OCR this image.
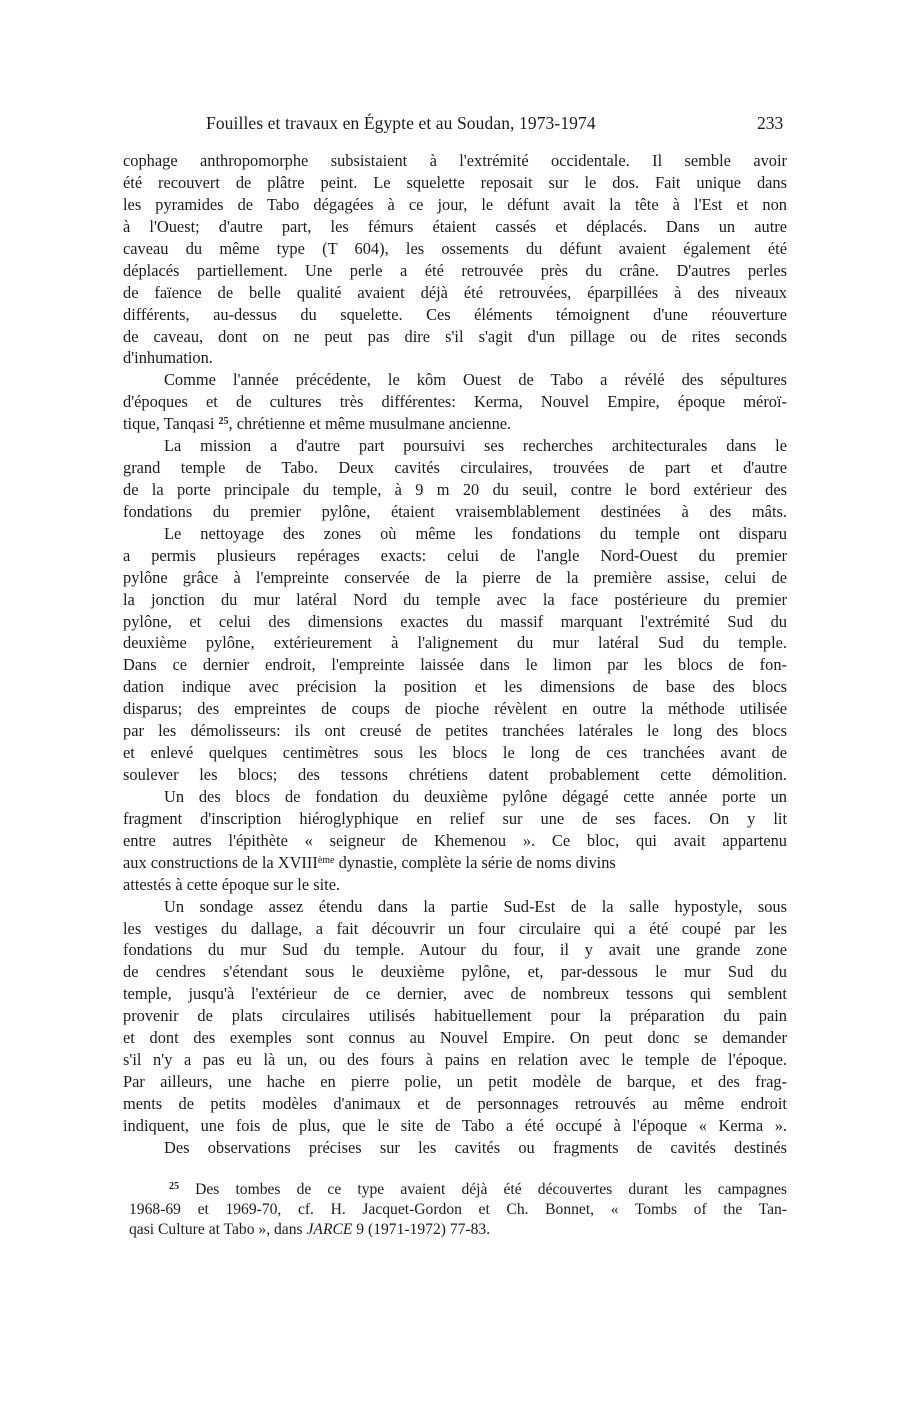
Fouilles et travaux en Égypte et au Soudan, 1973-1974	233
cophage anthropomorphe subsistaient à l'extrémité occidentale. Il semble avoir
été recouvert de plâtre peint. Le squelette reposait sur le dos. Fait unique dans
les pyramides de Tabo dégagées à ce jour, le défunt avait la tête à l'Est et non
à l'Ouest; d'autre part, les fémurs étaient cassés et déplacés. Dans un autre
caveau du même type (T 604), les ossements du défunt avaient également été
déplacés partiellement. Une perle a été retrouvée près du crâne. D'autres perles
de faïence de belle qualité avaient déjà été retrouvées, éparpillées à des niveaux
différents, au-dessus du squelette. Ces éléments témoignent d'une réouverture
de caveau, dont on ne peut pas dire s'il s'agit d'un pillage ou de rites seconds
d'inhumation.
Comme l'année précédente, le kôm Ouest de Tabo a révélé des sépultures
d'époques et de cultures très différentes: Kerma, Nouvel Empire, époque méroï-
tique, Tanqasi $^{25}$, chrétienne et même musulmane ancienne.
La mission a d'autre part poursuivi ses recherches architecturales dans le
grand temple de Tabo. Deux cavités circulaires, trouvées de part et d'autre
de la porte principale du temple, à 9 m 20 du seuil, contre le bord extérieur des
fondations du premier pylône, étaient vraisemblablement destinées à des mâts.
Le nettoyage des zones où même les fondations du temple ont disparu
a permis plusieurs repérages exacts: celui de l'angle Nord-Ouest du premier
pylône grâce à l'empreinte conservée de la pierre de la première assise, celui de
la jonction du mur latéral Nord du temple avec la face postérieure du premier
pylône, et celui des dimensions exactes du massif marquant l'extrémité Sud du
deuxième pylône, extérieurement à l'alignement du mur latéral Sud du temple.
Dans ce dernier endroit, l'empreinte laissée dans le limon par les blocs de fon-
dation indique avec précision la position et les dimensions de base des blocs
disparus; des empreintes de coups de pioche révèlent en outre la méthode utilisée
par les démolisseurs: ils ont creusé de petites tranchées latérales le long des blocs
et enlevé quelques centimètres sous les blocs le long de ces tranchées avant de
soulever les blocs; des tessons chrétiens datent probablement cette démolition.
Un des blocs de fondation du deuxième pylône dégagé cette année porte un
fragment d'inscription hiéroglyphique en relief sur une de ses faces. On y lit
entre autres l'épithète « seigneur de Khemenou ». Ce bloc, qui avait appartenu
aux constructions de la XVIIIème dynastie, complète la série de noms divins
attestés à cette époque sur le site.
Un sondage assez étendu dans la partie Sud-Est de la salle hypostyle, sous
les vestiges du dallage, a fait découvrir un four circulaire qui a été coupé par les
fondations du mur Sud du temple. Autour du four, il y avait une grande zone
de cendres s'étendant sous le deuxième pylône, et, par-dessous le mur Sud du
temple, jusqu'à l'extérieur de ce dernier, avec de nombreux tessons qui semblent
provenir de plats circulaires utilisés habituellement pour la préparation du pain
et dont des exemples sont connus au Nouvel Empire. On peut donc se demander
s'il n'y a pas eu là un, ou des fours à pains en relation avec le temple de l'époque.
Par ailleurs, une hache en pierre polie, un petit modèle de barque, et des frag-
ments de petits modèles d'animaux et de personnages retrouvés au même endroit
indiquent, une fois de plus, que le site de Tabo a été occupé à l'époque « Kerma ».
Des observations précises sur les cavités ou fragments de cavités destinés
$^{25}$ Des tombes de ce type avaient déjà été découvertes durant les campagnes
1968-69 et 1969-70, cf. H. Jacquet-Gordon et Ch. Bonnet, « Tombs of the Tan-
qasi Culture at Tabo », dans JARCE 9 (1971-1972) 77-83.
